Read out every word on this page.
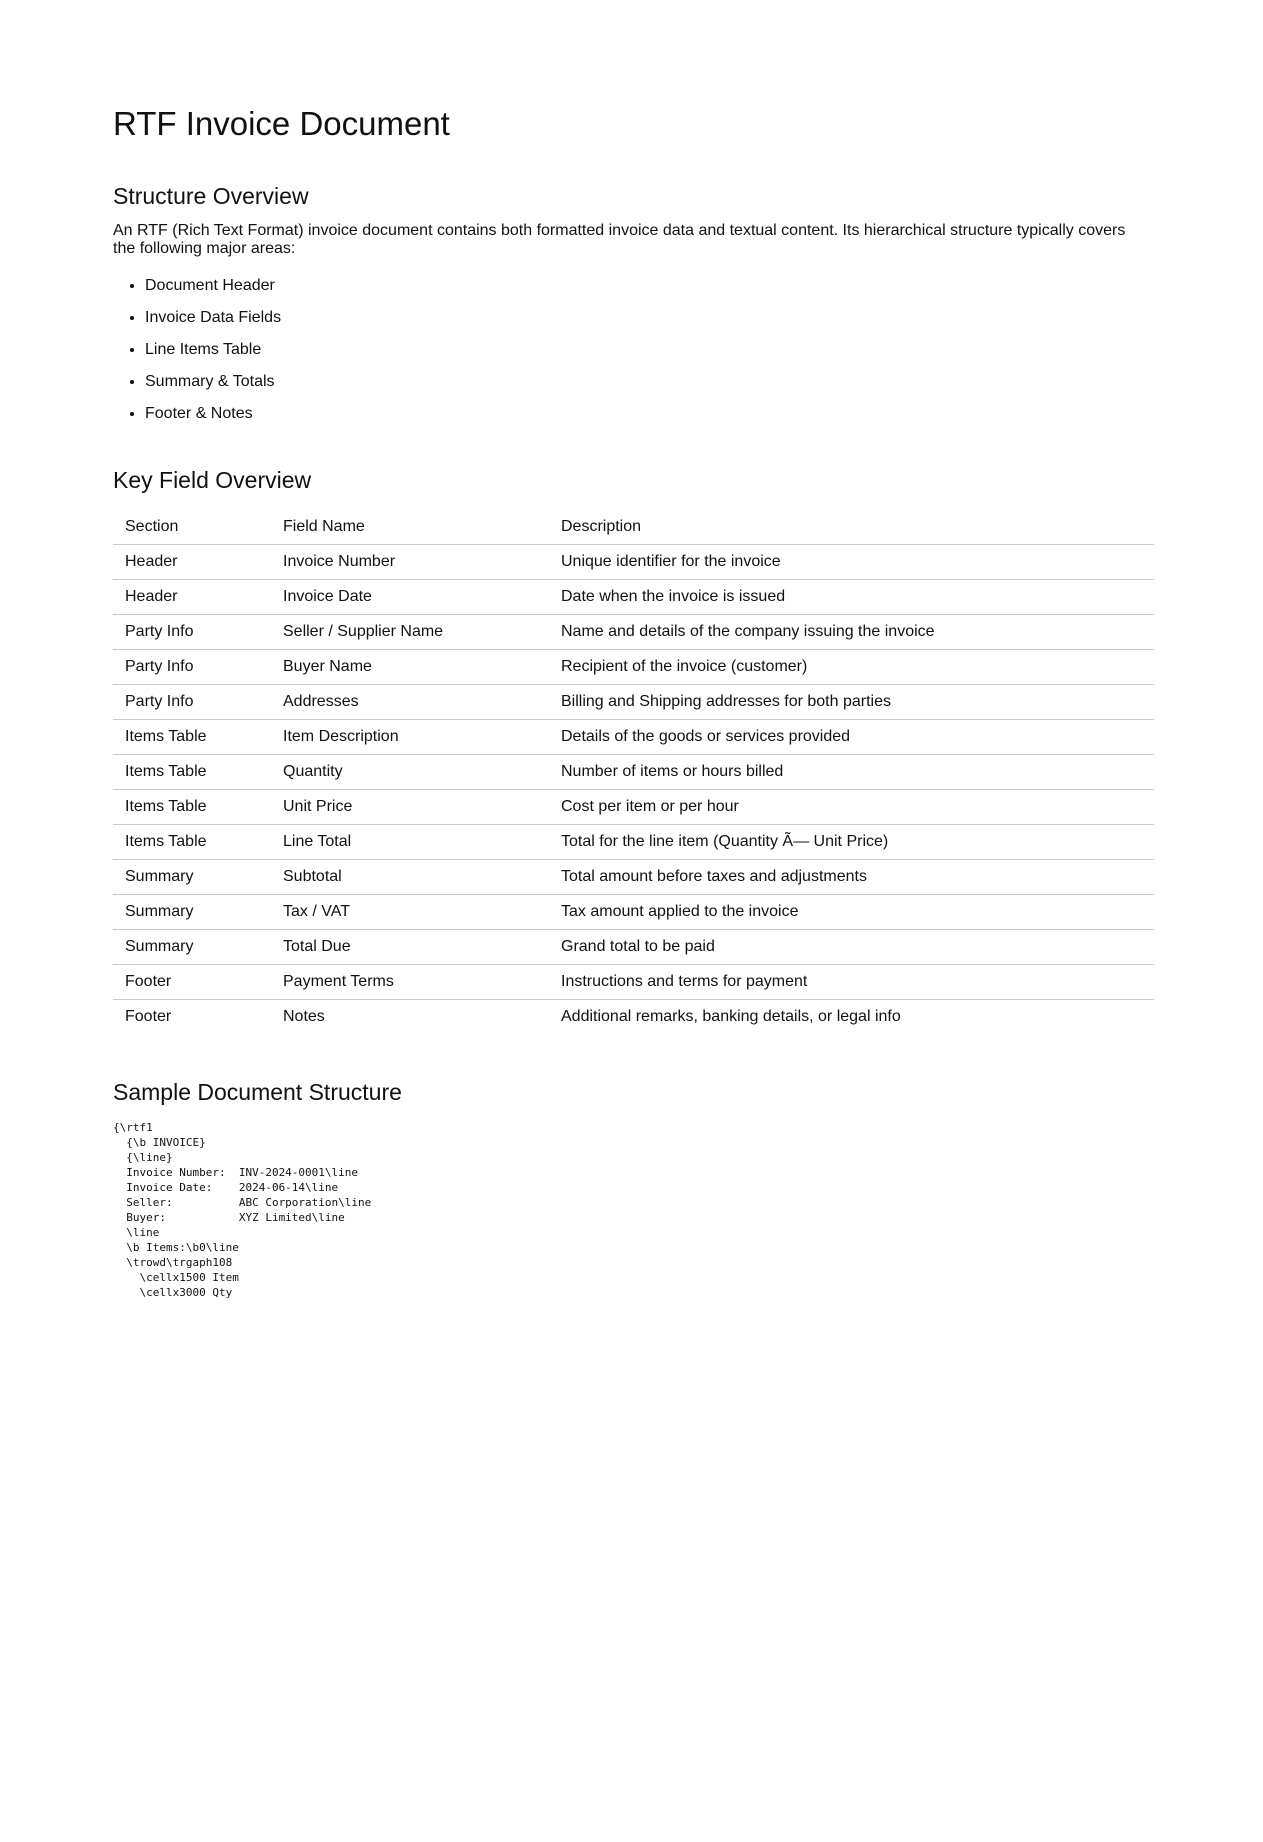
RTF Invoice Document
Structure Overview

An RTF (Rich Text Format) invoice document contains both formatted invoice data and textual content. Its hierarchical structure typically covers the following major areas:

• Document Header
• Invoice Data Fields
• Line Items Table
• Summary & Totals
• Footer & Notes
Key Field Overview
Section	Field Name	Description
Header	Invoice Number	Unique identifier for the invoice
Header	Invoice Date	Date when the invoice is issued
Party Info	Seller / Supplier Name	Name and details of the company issuing the invoice
Party Info	Buyer Name	Recipient of the invoice (customer)
Party Info	Addresses	Billing and Shipping addresses for both parties
Items Table	Item Description	Details of the goods or services provided
Items Table	Quantity	Number of items or hours billed
Items Table	Unit Price	Cost per item or per hour
Items Table	Line Total	Total for the line item (Quantity Ã— Unit Price)
Summary	Subtotal	Total amount before taxes and adjustments
Summary	Tax / VAT	Tax amount applied to the invoice
Summary	Total Due	Grand total to be paid
Footer	Payment Terms	Instructions and terms for payment
Footer	Notes	Additional remarks, banking details, or legal info
Sample Document Structure
{\rtf1
{\b INVOICE}
{\line}
Invoice Number:  INV-2024-0001\line
Invoice Date:    2024-06-14\line
Seller:          ABC Corporation\line
Buyer:           XYZ Limited\line
\line
\b Items:\b0\line
\trowd\trgaph108
\cellx1500 Item
\cellx3000 Qty
